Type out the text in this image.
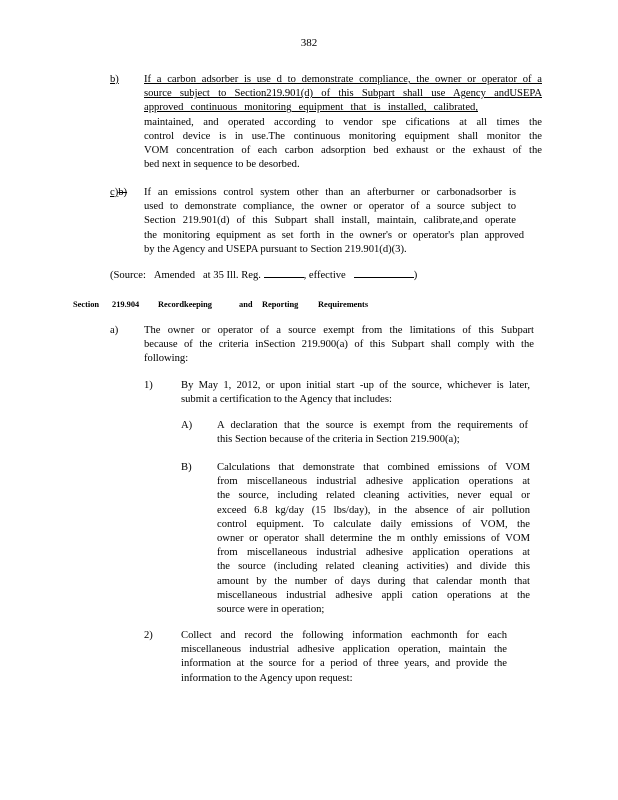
382
b) If a carbon adsorber is use d to demonstrate compliance, the owner or operator of a
source subject to Section219.901(d) of this Subpart shall use Agency andUSEPA
approved continuous monitoring equipment that is installed, calibrated,
maintained, and operated according to vendor spe cifications at all times the
control device is in use.The continuous monitoring equipment shall monitor the
VOM concentration of each carbon adsorption bed exhaust or the exhaust of the
bed next in sequence to be desorbed.
c)b) If an emissions control system other than an afterburner or carbonadsorber is
used to demonstrate compliance, the owner or operator of a source subject to
Section 219.901(d) of this Subpart shall install, maintain, calibrate,and operate
the monitoring equipment as set forth in the owner's or operator's plan approved
by the Agency and USEPA pursuant to Section 219.901(d)(3).
(Source: Amended at 35 Ill. Reg.	, effective	)
Section 219.904 Recordkeeping	and Reporting Requirements
a) The owner or operator of a source exempt from the limitations of this Subpart
because of the criteria inSection 219.900(a) of this Subpart shall comply with the
following:
1)	By May 1, 2012, or upon initial start -up of the source, whichever is later,
submit a certification to the Agency that includes:
A) A declaration that the source is exempt from the requirements of
this Section because of the criteria in Section 219.900(a);
B) Calculations that demonstrate that combined emissions of VOM
from miscellaneous industrial adhesive application operations at
the source, including related cleaning activities, never equal or
exceed 6.8 kg/day (15 lbs/day), in the absence of air pollution
control equipment. To calculate daily emissions of VOM, the
owner or operator shall determine the m onthly emissions of VOM
from miscellaneous industrial adhesive application operations at
the source (including related cleaning activities) and divide this
amount by the number of days during that calendar month that
miscellaneous industrial adhesive appli cation operations at the
source were in operation;
2)	Collect and record the following information eachmonth for each
miscellaneous industrial adhesive application operation, maintain the
information at the source for a period of three years, and provide the
information to the Agency upon request:
